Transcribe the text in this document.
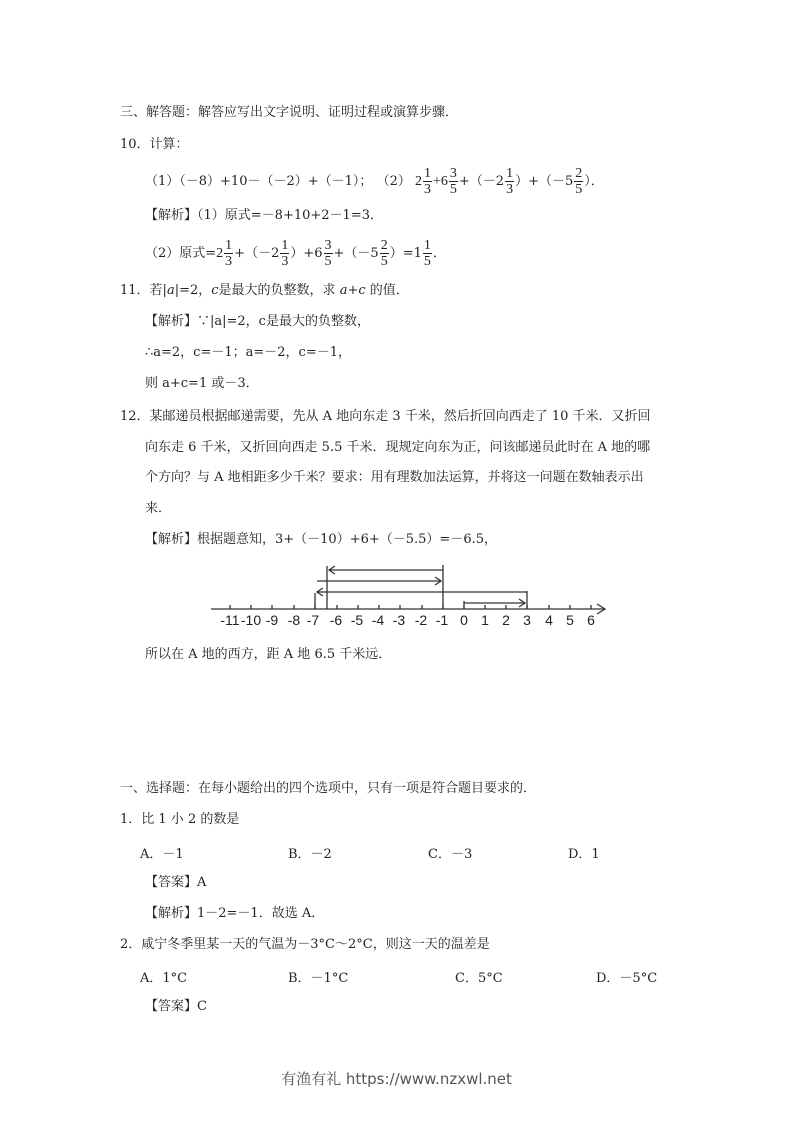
三、解答题：解答应写出文字说明、证明过程或演算步骤．
10．计算：
（1）（－8）+10－（－2）+（－1）； （2） $2 \frac{1}{3} +6 \frac{3}{5} +(-2 \frac{1}{3} )+(-5 \frac{2}{5}$ ）．
【解析】（1）原式=－8+10+2－1=3．
（2）原式$=2 \frac{1}{3} +(-2 \frac{1}{3} )+6 \frac{3}{5} +(-5 \frac{2}{5} )=1 \frac{1}{5}$ ．
11．若|a|=2，c是最大的负整数，求 a+c 的值．
【解析】∵|a|=2，c是最大的负整数，
∴a=2，c=－1；a=－2，c=－1，
则 a+c=1 或－3．
12．某邮递员根据邮递需要，先从 A 地向东走 3 千米，然后折回向西走了 10 千米．又折回
向东走 6 千米，又折回向西走 5.5 千米．现规定向东为正，问该邮递员此时在 A 地的哪
个方向？与 A 地相距多少千米？要求：用有理数加法运算，并将这一问题在数轴表示出
来．
【解析】根据题意知，3+（－10）+6+（－5.5）=－6.5，
-11 -10 -9 -8 -7 -6 -5 -4 -3 -2 -1 0 1 2 3 4 5 6
所以在 A 地的西方，距 A 地 6.5 千米远．
一、选择题：在每小题给出的四个选项中，只有一项是符合题目要求的．
1．比 1 小 2 的数是
A．－1	B．－2	C．－3	D．1
【答案】A
【解析】1－2=－1．故选 A．
2．咸宁冬季里某一天的气温为－3°C～2°C，则这一天的温差是
A．1°C	B．－1°C	C．5°C	D．－5°C
【答案】C
有渔有礼 https://www.nzxwl.net
